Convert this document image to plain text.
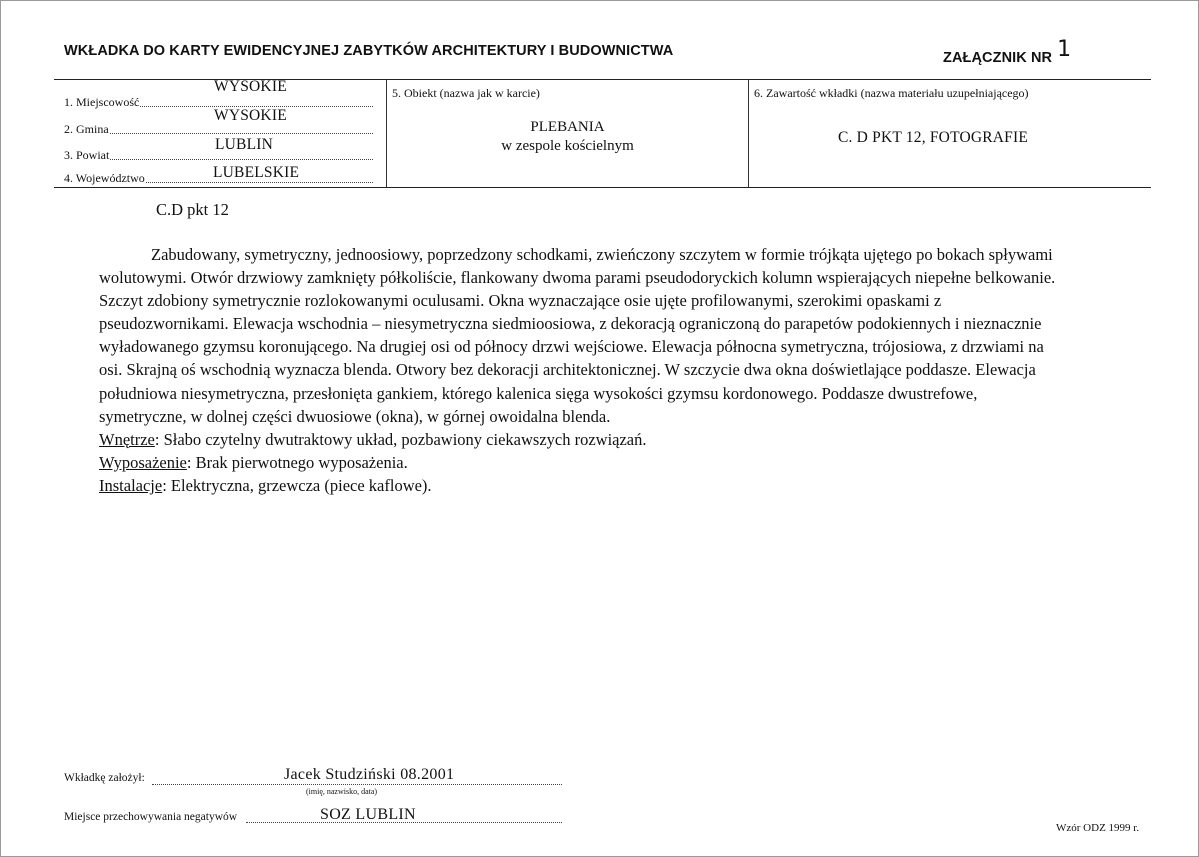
WKŁADKA DO KARTY EWIDENCYJNEJ ZABYTKÓW ARCHITEKTURY I BUDOWNICTWA	ZAŁĄCZNIK NR 1
1. Miejscowość
WYSOKIE
2. Gmina
WYSOKIE
3. Powiat
LUBLIN
4. Województwo	LUBELSKIE
5. Obiekt (nazwa jak w karcie)
PLEBANIA
w zespole kościelnym
6. Zawartość wkładki (nazwa materiału uzupełniającego)
C. D PKT 12, FOTOGRAFIE
C.D pkt 12

Zabudowany, symetryczny, jednoosiowy, poprzedzony schodkami, zwieńczony szczytem w formie trójkąta ujętego po bokach spływami wolutowymi. Otwór drzwiowy zamknięty półkoliście, flankowany dwoma parami pseudodoryckich kolumn wspierających niepełne belkowanie. Szczyt zdobiony symetrycznie rozlokowanymi oculusami. Okna wyznaczające osie ujęte profilowanymi, szerokimi opaskami z pseudozwornikami. Elewacja wschodnia – niesymetryczna siedmioosiowa, z dekoracją ograniczoną do parapetów podokiennych i nieznacznie wyładowanego gzymsu koronującego. Na drugiej osi od północy drzwi wejściowe. Elewacja północna symetryczna, trójosiowa, z drzwiami na osi. Skrajną oś wschodnią wyznacza blenda. Otwory bez dekoracji architektonicznej. W szczycie dwa okna doświetlające poddasze. Elewacja południowa niesymetryczna, przesłonięta gankiem, którego kalenica sięga wysokości gzymsu kordonowego. Poddasze dwustrefowe, symetryczne, w dolnej części dwuosiowe (okna), w górnej owoidalna blenda.

Wnętrze: Słabo czytelny dwutraktowy układ, pozbawiony ciekawszych rozwiązań.

Wyposażenie: Brak pierwotnego wyposażenia.

Instalacje: Elektryczna, grzewcza (piece kaflowe).

Wkładkę założył:	Jacek Studziński 08.2001
(imię, nazwisko, data)
Miejsce przechowywania negatywów	SOZ LUBLIN
Wzór ODZ 1999 r.
